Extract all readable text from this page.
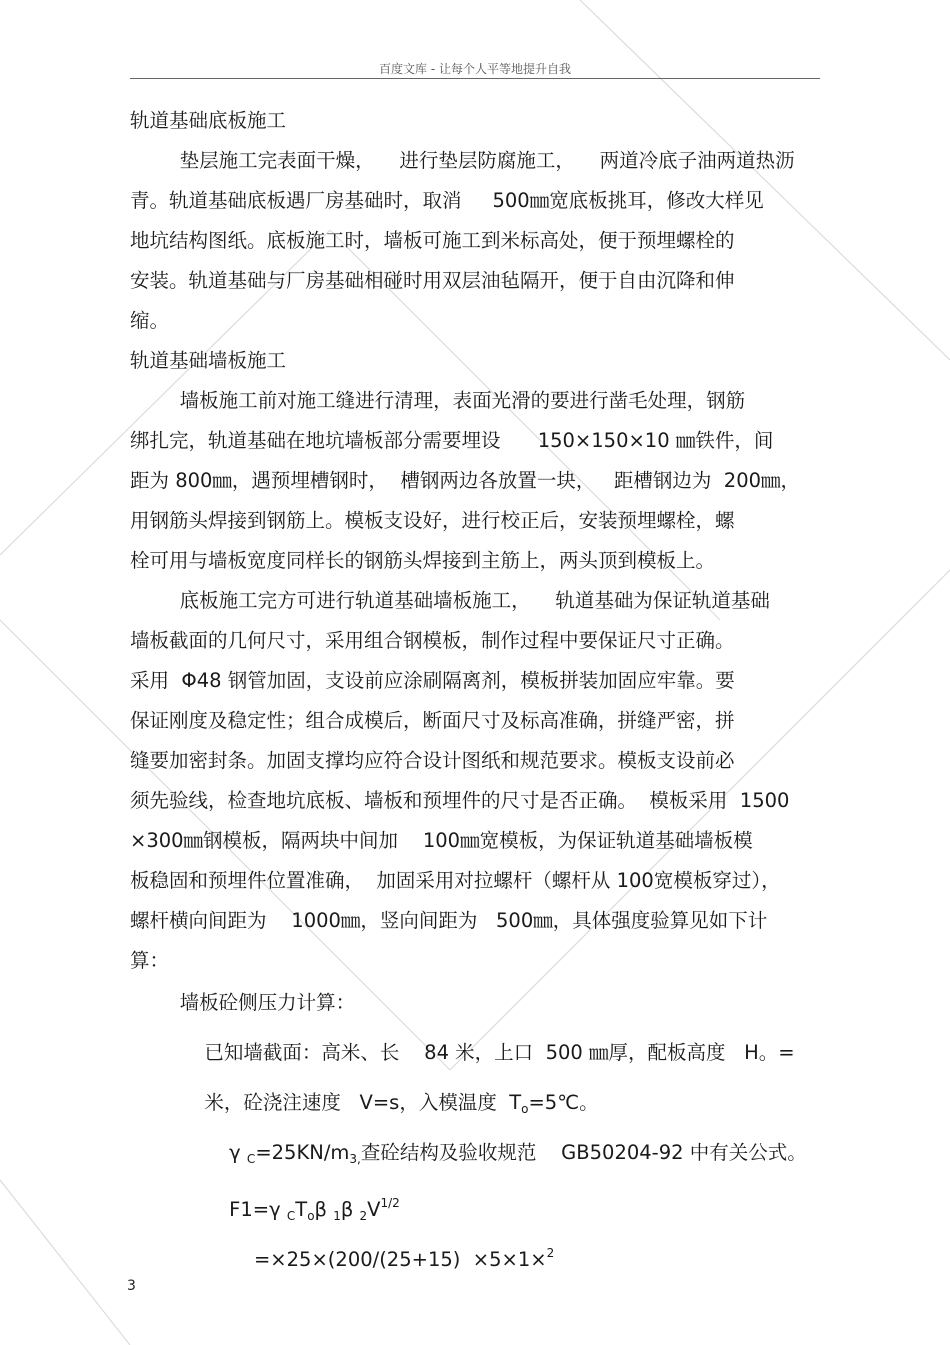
百度文库 - 让每个人平等地提升自我
轨道基础底板施工
垫层施工完表面干燥，    进行垫层防腐施工，    两道冷底子油两道热沥
青。轨道基础底板遇厂房基础时，取消     500㎜宽底板挑耳，修改大样见
地坑结构图纸。底板施工时，墙板可施工到米标高处，便于预埋螺栓的
安装。轨道基础与厂房基础相碰时用双层油毡隔开，便于自由沉降和伸
缩。
轨道基础墙板施工
墙板施工前对施工缝进行清理，表面光滑的要进行凿毛处理，钢筋
绑扎完，轨道基础在地坑墙板部分需要埋设      150×150×10 ㎜铁件，间
距为 800㎜，遇预埋槽钢时，  槽钢两边各放置一块，   距槽钢边为  200㎜，
用钢筋头焊接到钢筋上。模板支设好，进行校正后，安装预埋螺栓，螺
栓可用与墙板宽度同样长的钢筋头焊接到主筋上，两头顶到模板上。
底板施工完方可进行轨道基础墙板施工，    轨道基础为保证轨道基础
墙板截面的几何尺寸，采用组合钢模板，制作过程中要保证尺寸正确。
采用  Φ48 钢管加固，支设前应涂刷隔离剂，模板拼装加固应牢靠。要
保证刚度及稳定性；组合成模后，断面尺寸及标高准确，拼缝严密，拼
缝要加密封条。加固支撑均应符合设计图纸和规范要求。模板支设前必
须先验线，检查地坑底板、墙板和预埋件的尺寸是否正确。  模板采用  1500
×300㎜钢模板，隔两块中间加    100㎜宽模板，为保证轨道基础墙板模
板稳固和预埋件位置准确，  加固采用对拉螺杆（螺杆从 100宽模板穿过），
螺杆横向间距为    1000㎜，竖向间距为   500㎜，具体强度验算见如下计
算：
墙板砼侧压力计算：
已知墙截面：高米、长    84 米，上口  500 ㎜厚，配板高度   H。=
米，砼浇注速度   V=s，入模温度  $T_o=5℃$。
γ $_C=25KN/m_{3,}$查砼结构及验收规范    GB50204-92 中有关公式。
F1=γ $_CT_o\beta$ $_1$β $_2V^{1/2}$
=×25×(200/(25+15)  ×5×1×$^2$
3
